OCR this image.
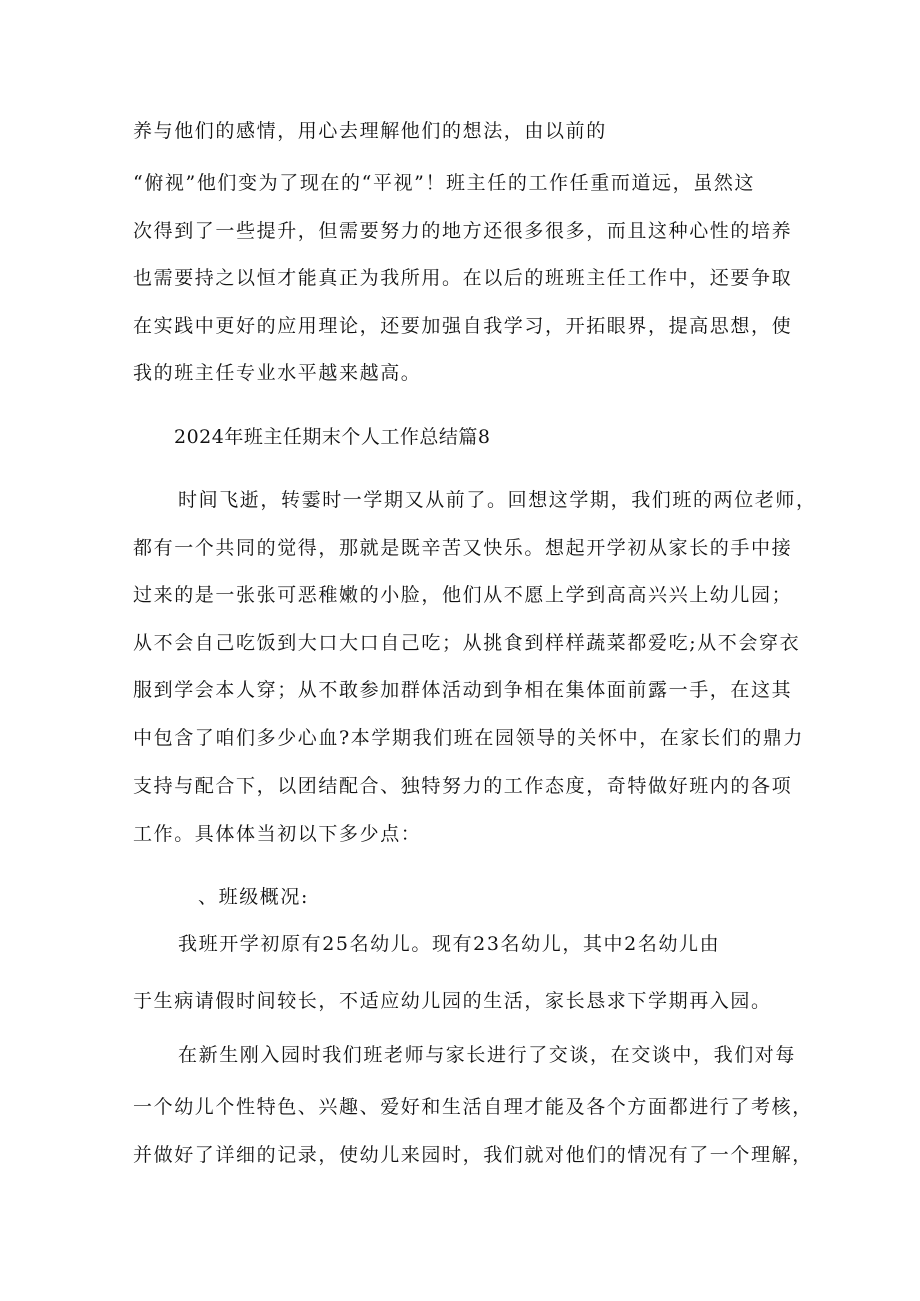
养与他们的感情，用心去理解他们的想法，由以前的
“俯视”他们变为了现在的“平视”！班主任的工作任重而道远，虽然这
次得到了一些提升，但需要努力的地方还很多很多，而且这种心性的培养
也需要持之以恒才能真正为我所用。在以后的班班主任工作中，还要争取
在实践中更好的应用理论，还要加强自我学习，开拓眼界，提高思想，使
我的班主任专业水平越来越高。
2024年班主任期末个人工作总结篇8
时间飞逝，转霎时一学期又从前了。回想这学期，我们班的两位老师，
都有一个共同的觉得，那就是既辛苦又快乐。想起开学初从家长的手中接
过来的是一张张可恶稚嫩的小脸，他们从不愿上学到高高兴兴上幼儿园；
从不会自己吃饭到大口大口自己吃；从挑食到样样蔬菜都爱吃;从不会穿衣
服到学会本人穿；从不敢参加群体活动到争相在集体面前露一手，在这其
中包含了咱们多少心血?本学期我们班在园领导的关怀中，在家长们的鼎力
支持与配合下，以团结配合、独特努力的工作态度，奇特做好班内的各项
工作。具体体当初以下多少点：
、班级概况:
我班开学初原有25名幼儿。现有23名幼儿，其中2名幼儿由
于生病请假时间较长，不适应幼儿园的生活，家长恳求下学期再入园。
在新生刚入园时我们班老师与家长进行了交谈，在交谈中，我们对每
一个幼儿个性特色、兴趣、爱好和生活自理才能及各个方面都进行了考核，
并做好了详细的记录，使幼儿来园时，我们就对他们的情况有了一个理解，
